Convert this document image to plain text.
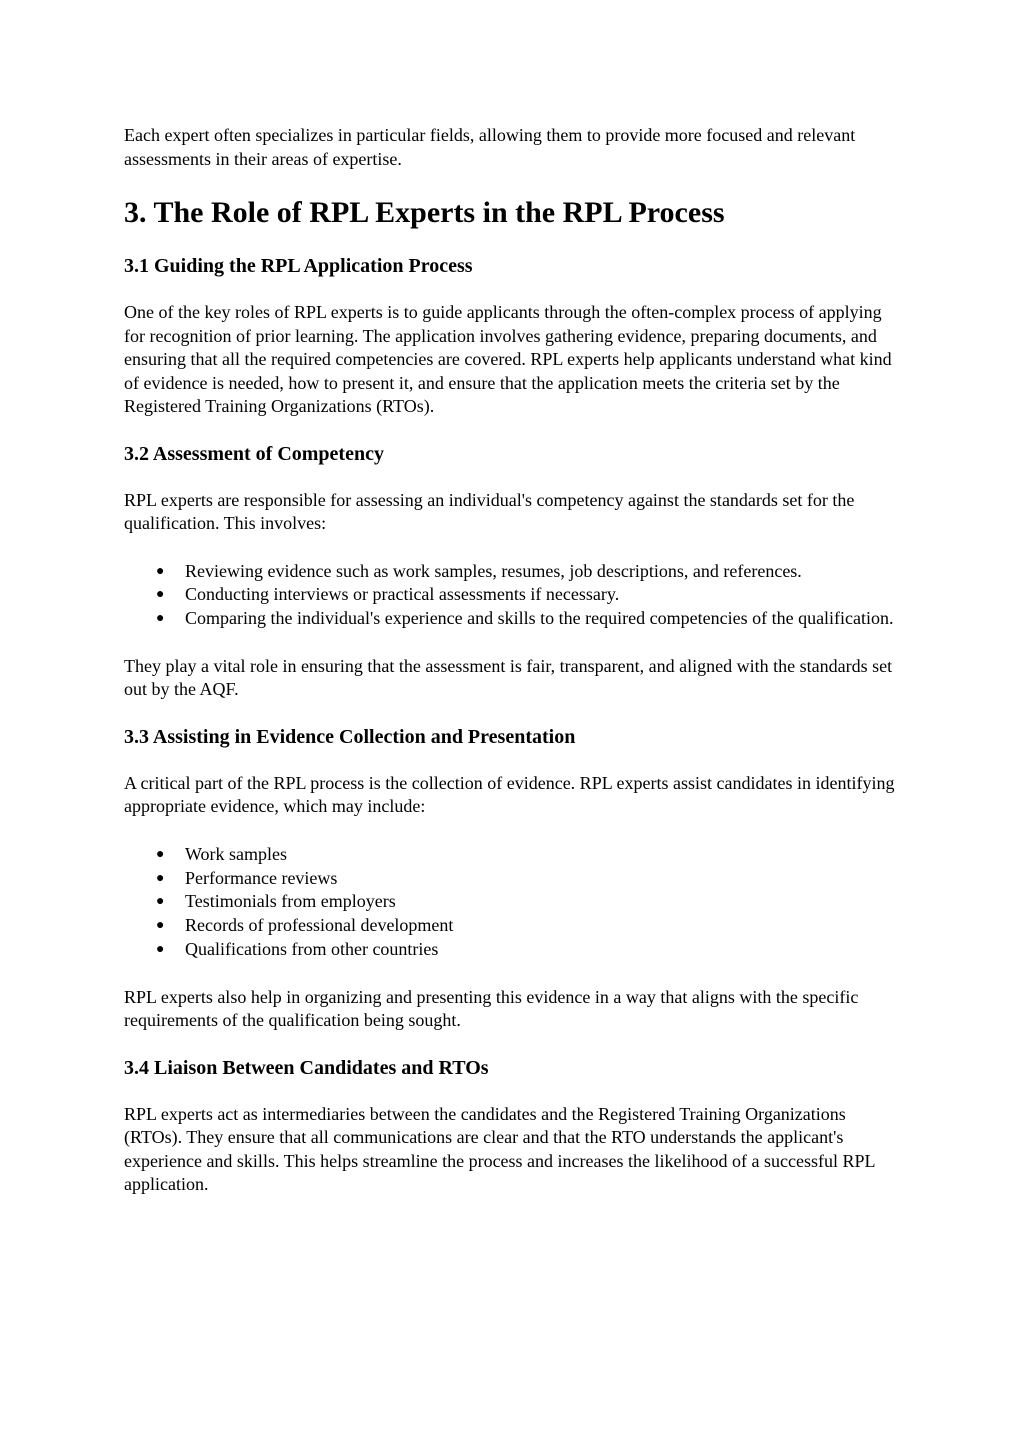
Each expert often specializes in particular fields, allowing them to provide more focused and relevant assessments in their areas of expertise.

3. The Role of RPL Experts in the RPL Process
3.1 Guiding the RPL Application Process

One of the key roles of RPL experts is to guide applicants through the often-complex process of applying for recognition of prior learning. The application involves gathering evidence, preparing documents, and ensuring that all the required competencies are covered. RPL experts help applicants understand what kind of evidence is needed, how to present it, and ensure that the application meets the criteria set by the Registered Training Organizations (RTOs).

3.2 Assessment of Competency

RPL experts are responsible for assessing an individual's competency against the standards set for the qualification. This involves:

● Reviewing evidence such as work samples, resumes, job descriptions, and references.
● Conducting interviews or practical assessments if necessary.
● Comparing the individual's experience and skills to the required competencies of the qualification.

They play a vital role in ensuring that the assessment is fair, transparent, and aligned with the standards set out by the AQF.

3.3 Assisting in Evidence Collection and Presentation

A critical part of the RPL process is the collection of evidence. RPL experts assist candidates in identifying appropriate evidence, which may include:

● Work samples
● Performance reviews
● Testimonials from employers
● Records of professional development
● Qualifications from other countries

RPL experts also help in organizing and presenting this evidence in a way that aligns with the specific requirements of the qualification being sought.

3.4 Liaison Between Candidates and RTOs

RPL experts act as intermediaries between the candidates and the Registered Training Organizations (RTOs). They ensure that all communications are clear and that the RTO understands the applicant's experience and skills. This helps streamline the process and increases the likelihood of a successful RPL application.
